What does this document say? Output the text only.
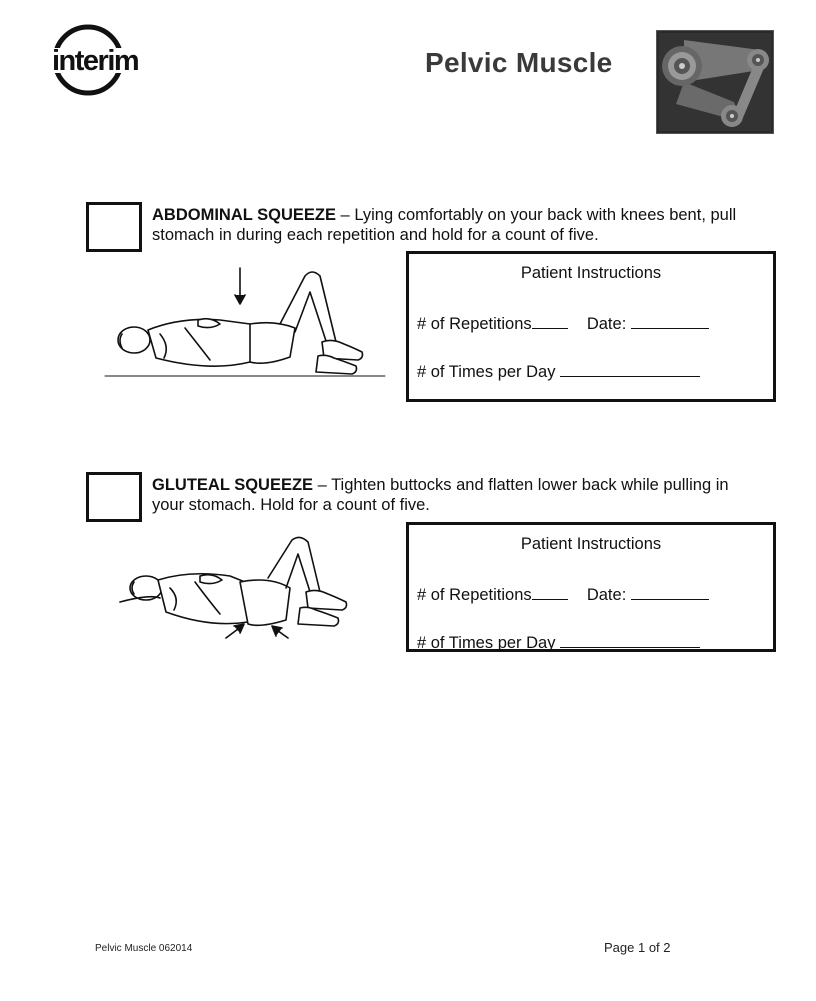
interim	Pelvic Muscle
ABDOMINAL SQUEEZE – Lying comfortably on your back with knees bent, pull stomach in during each repetition and hold for a count of five.
Patient Instructions
# of Repetitions	Date:
# of Times per Day
GLUTEAL SQUEEZE – Tighten buttocks and flatten lower back while pulling in your stomach. Hold for a count of five.
Patient Instructions
# of Repetitions	Date:
# of Times per Day
Pelvic Muscle 062014	Page 1 of 2
